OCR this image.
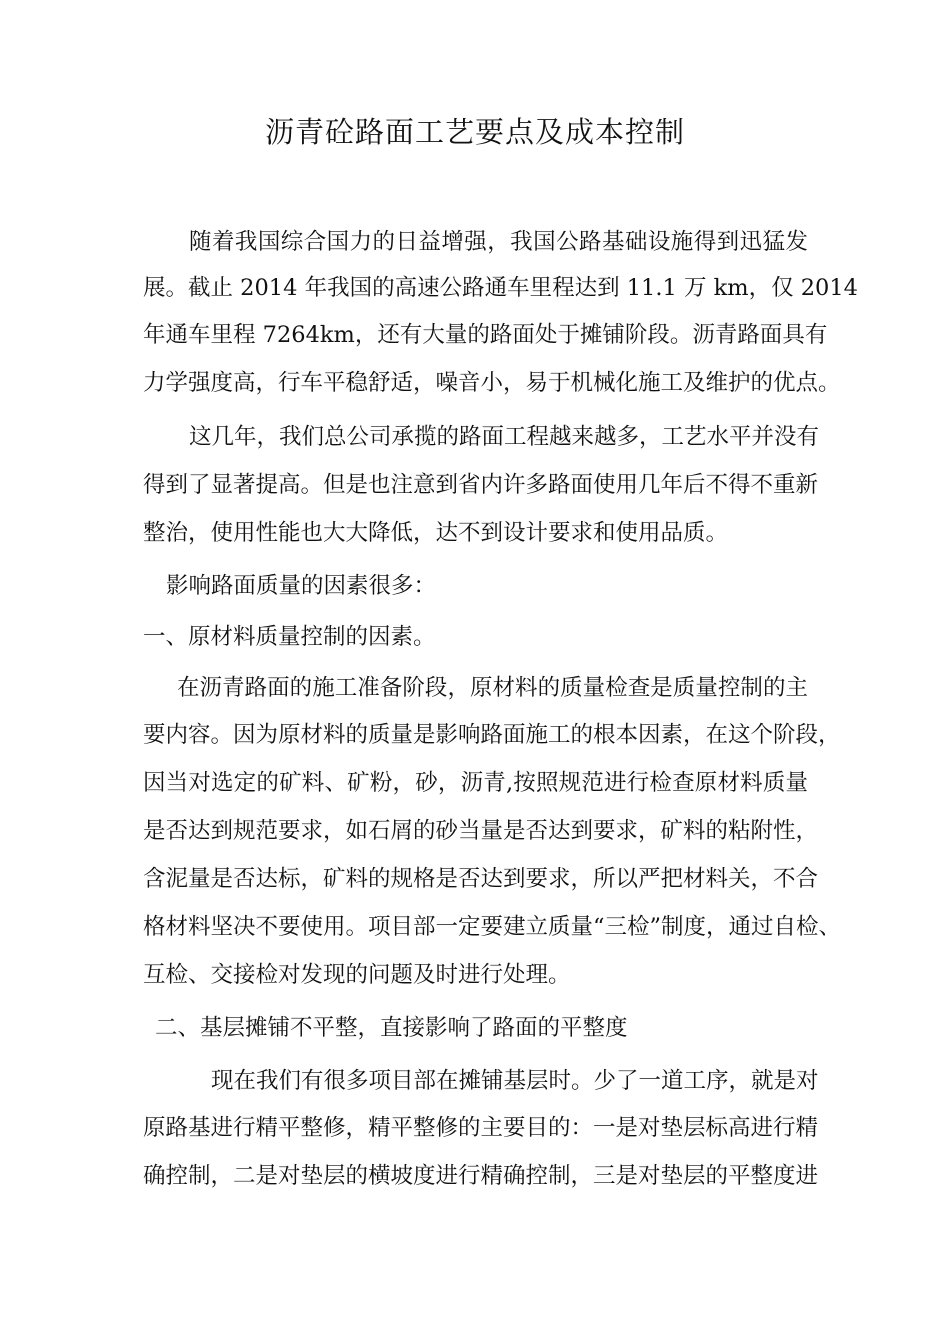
沥青砼路面工艺要点及成本控制
随着我国综合国力的日益增强，我国公路基础设施得到迅猛发
展。截止 2014 年我国的高速公路通车里程达到 11.1 万 km，仅 2014
年通车里程 7264km，还有大量的路面处于摊铺阶段。沥青路面具有
力学强度高，行车平稳舒适，噪音小，易于机械化施工及维护的优点。
这几年，我们总公司承揽的路面工程越来越多，工艺水平并没有
得到了显著提高。但是也注意到省内许多路面使用几年后不得不重新
整治，使用性能也大大降低，达不到设计要求和使用品质。
影响路面质量的因素很多：
一、原材料质量控制的因素。
在沥青路面的施工准备阶段，原材料的质量检查是质量控制的主
要内容。因为原材料的质量是影响路面施工的根本因素，在这个阶段，
因当对选定的矿料、矿粉，砂，沥青,按照规范进行检查原材料质量
是否达到规范要求，如石屑的砂当量是否达到要求，矿料的粘附性，
含泥量是否达标，矿料的规格是否达到要求，所以严把材料关，不合
格材料坚决不要使用。项目部一定要建立质量“三检”制度，通过自检、
互检、交接检对发现的问题及时进行处理。
二、基层摊铺不平整，直接影响了路面的平整度
现在我们有很多项目部在摊铺基层时。少了一道工序，就是对
原路基进行精平整修，精平整修的主要目的：一是对垫层标高进行精
确控制，二是对垫层的横坡度进行精确控制，三是对垫层的平整度进
